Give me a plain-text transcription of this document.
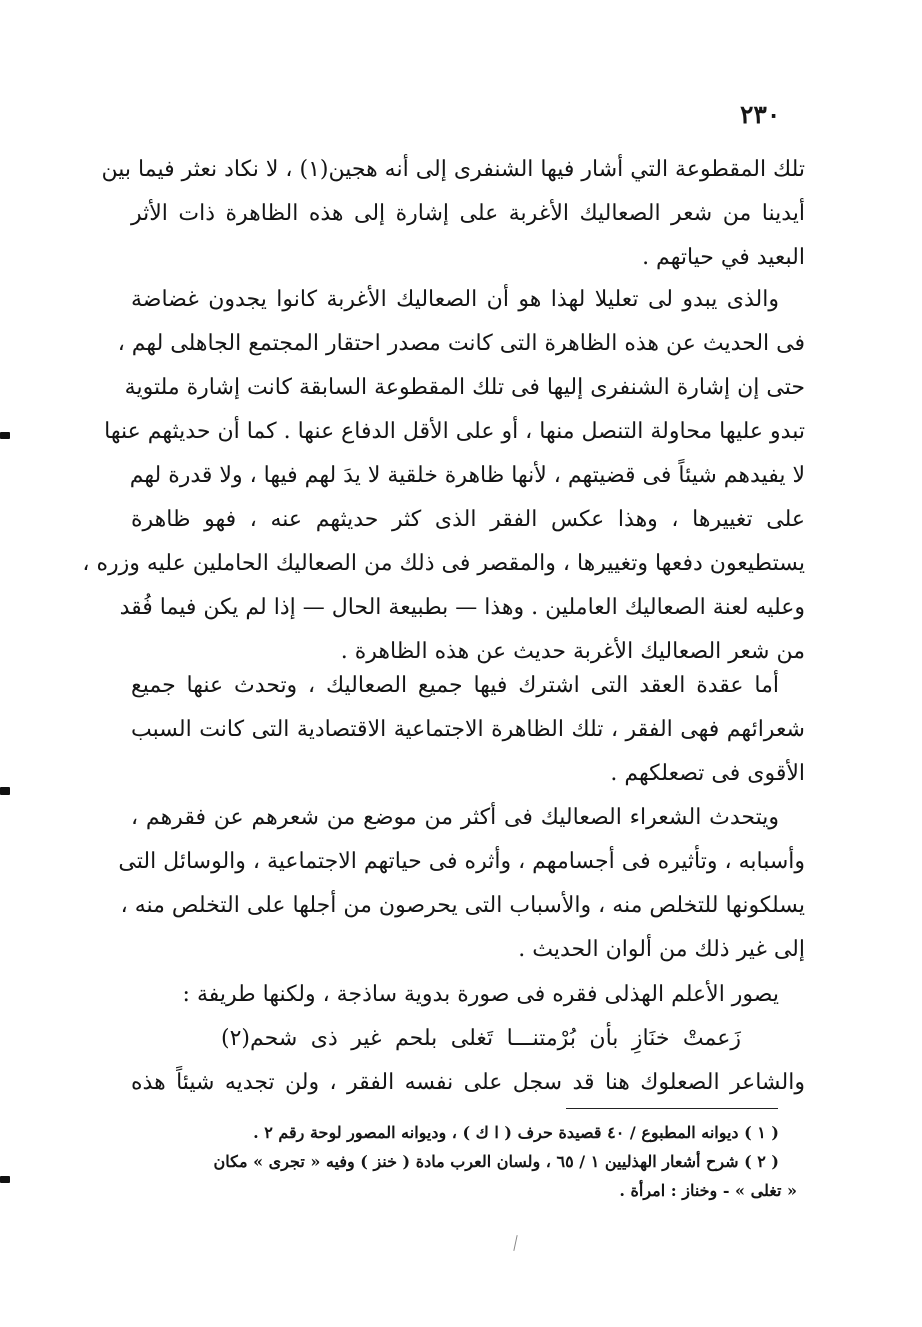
٢٣٠
تلك المقطوعة التي أشار فيها الشنفرى إلى أنه هجين(١) ، لا نكاد نعثر فيما بين
أيدينا من شعر الصعاليك الأغربة على إشارة إلى هذه الظاهرة ذات الأثر
البعيد في حياتهم .
والذى يبدو لى تعليلا لهذا هو أن الصعاليك الأغربة كانوا يجدون غضاضة
فى الحديث عن هذه الظاهرة التى كانت مصدر احتقار المجتمع الجاهلى لهم ،
حتى إن إشارة الشنفرى إليها فى تلك المقطوعة السابقة كانت إشارة ملتوية
تبدو عليها محاولة التنصل منها ، أو على الأقل الدفاع عنها . كما أن حديثهم عنها
لا يفيدهم شيئاً فى قضيتهم ، لأنها ظاهرة خلقية لا يدَ لهم فيها ، ولا قدرة لهم
على تغييرها ، وهذا عكس الفقر الذى كثر حديثهم عنه ، فهو ظاهرة
يستطيعون دفعها وتغييرها ، والمقصر فى ذلك من الصعاليك الحاملين عليه وزره ،
وعليه لعنة الصعاليك العاملين . وهذا — بطبيعة الحال — إذا لم يكن فيما فُقد
من شعر الصعاليك الأغربة حديث عن هذه الظاهرة .
أما عقدة العقد التى اشترك فيها جميع الصعاليك ، وتحدث عنها جميع
شعرائهم فهى الفقر ، تلك الظاهرة الاجتماعية الاقتصادية التى كانت السبب
الأقوى فى تصعلكهم .
ويتحدث الشعراء الصعاليك فى أكثر من موضع من شعرهم عن فقرهم ،
وأسبابه ، وتأثيره فى أجسامهم ، وأثره فى حياتهم الاجتماعية ، والوسائل التى
يسلكونها للتخلص منه ، والأسباب التى يحرصون من أجلها على التخلص منه ،
إلى غير ذلك من ألوان الحديث .
يصور الأعلم الهذلى فقره فى صورة بدوية ساذجة ، ولكنها طريفة :
زَعمتْ خنَازِ بأن بُرْمتنـــا تَغلى بلحم غير ذى شحم(٢)
والشاعر الصعلوك هنا قد سجل على نفسه الفقر ، ولن تجديه شيئاً هذه
( ١ ) ديوانه المطبوع / ٤٠ قصيدة حرف ( ا ك ) ، وديوانه المصور لوحة رقم ٢ .
( ٢ ) شرح أشعار الهذليين ١ / ٦٥ ، ولسان العرب مادة ( خنز ) وفيه « تجرى » مكان
« تغلى » - وخناز : امرأة .
